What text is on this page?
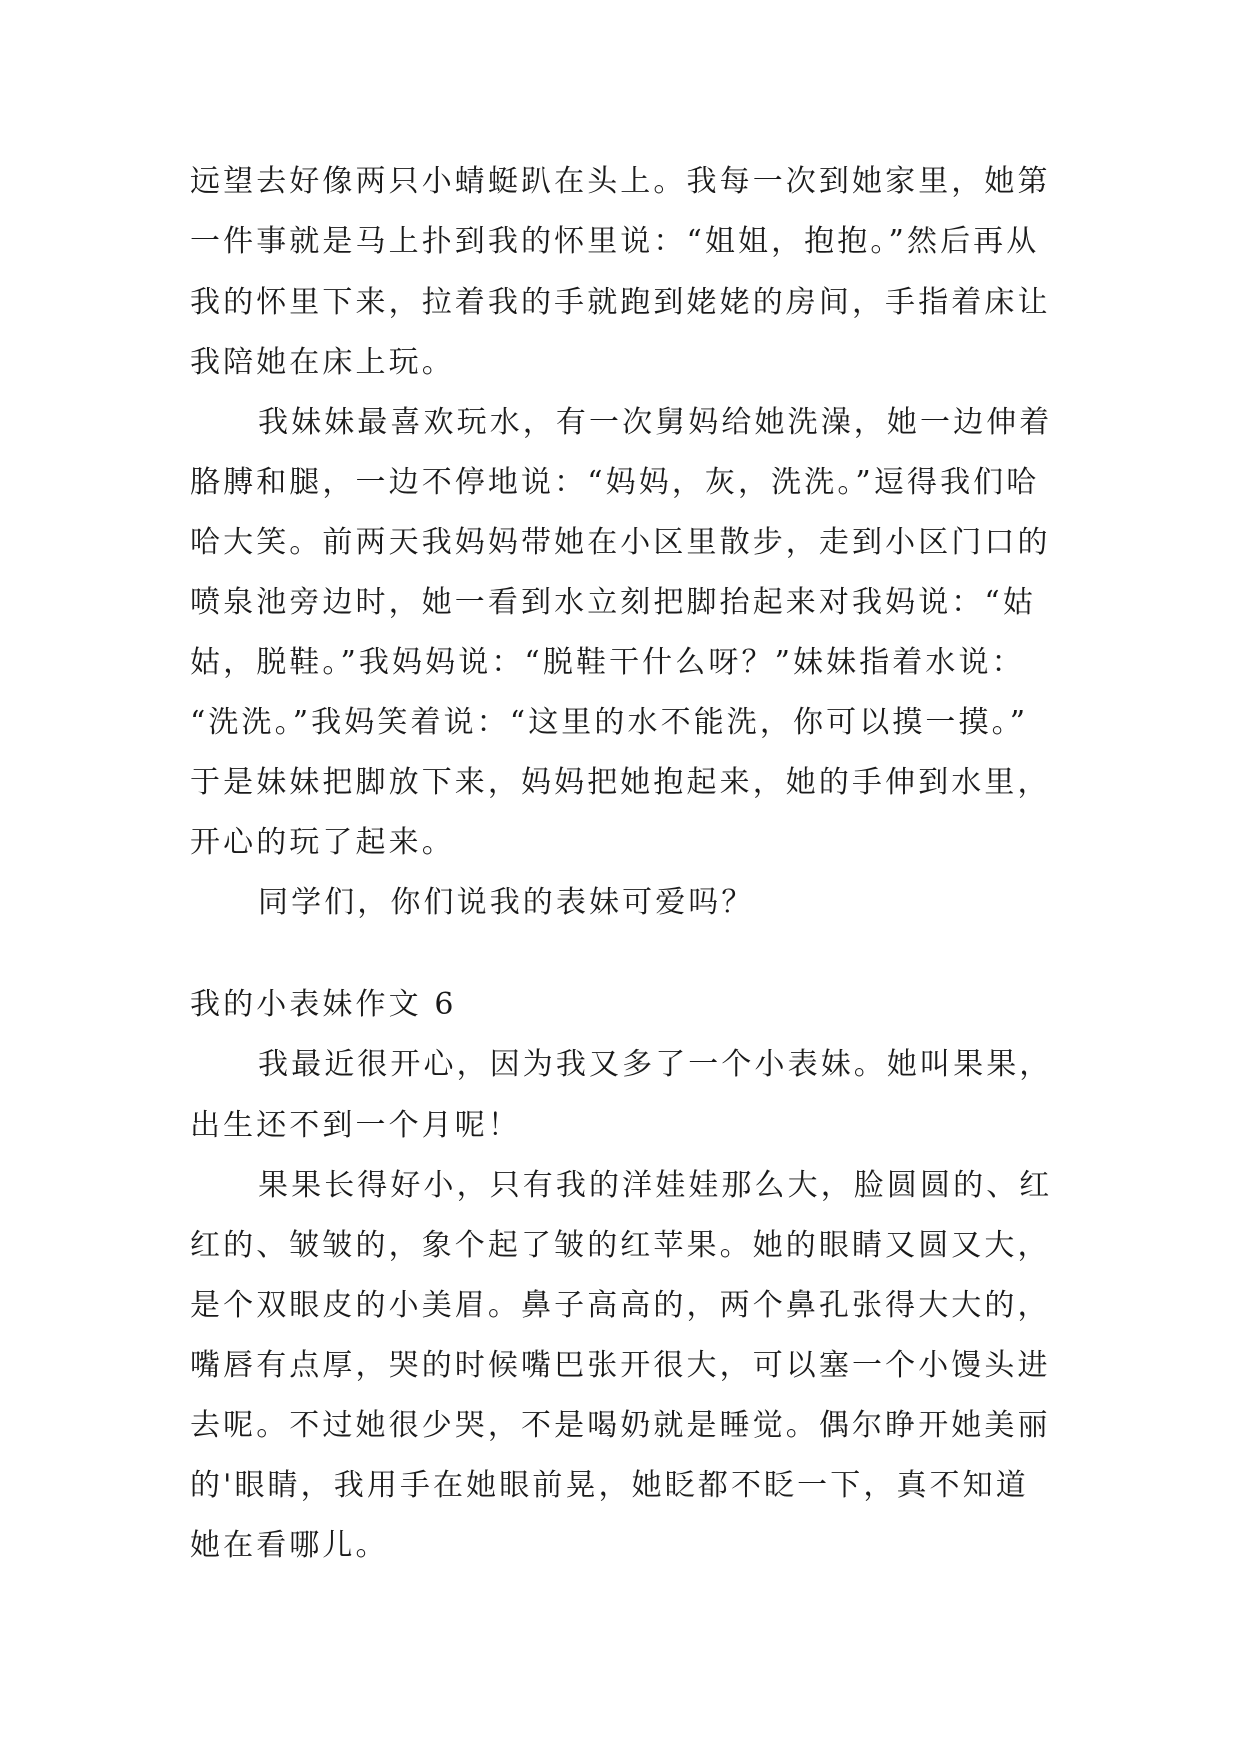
远望去好像两只小蜻蜓趴在头上。我每一次到她家里，她第
一件事就是马上扑到我的怀里说：“姐姐，抱抱。”然后再从
我的怀里下来，拉着我的手就跑到姥姥的房间，手指着床让
我陪她在床上玩。
我妹妹最喜欢玩水，有一次舅妈给她洗澡，她一边伸着
胳膊和腿，一边不停地说：“妈妈，灰，洗洗。”逗得我们哈
哈大笑。前两天我妈妈带她在小区里散步，走到小区门口的
喷泉池旁边时，她一看到水立刻把脚抬起来对我妈说：“姑
姑，脱鞋。”我妈妈说：“脱鞋干什么呀？”妹妹指着水说：
“洗洗。”我妈笑着说：“这里的水不能洗，你可以摸一摸。”
于是妹妹把脚放下来，妈妈把她抱起来，她的手伸到水里，
开心的玩了起来。
同学们，你们说我的表妹可爱吗？
我的小表妹作文 6
我最近很开心，因为我又多了一个小表妹。她叫果果，
出生还不到一个月呢！
果果长得好小，只有我的洋娃娃那么大，脸圆圆的、红
红的、皱皱的，象个起了皱的红苹果。她的眼睛又圆又大，
是个双眼皮的小美眉。鼻子高高的，两个鼻孔张得大大的，
嘴唇有点厚，哭的时候嘴巴张开很大，可以塞一个小馒头进
去呢。不过她很少哭，不是喝奶就是睡觉。偶尔睁开她美丽
的'眼睛，我用手在她眼前晃，她眨都不眨一下，真不知道
她在看哪儿。
